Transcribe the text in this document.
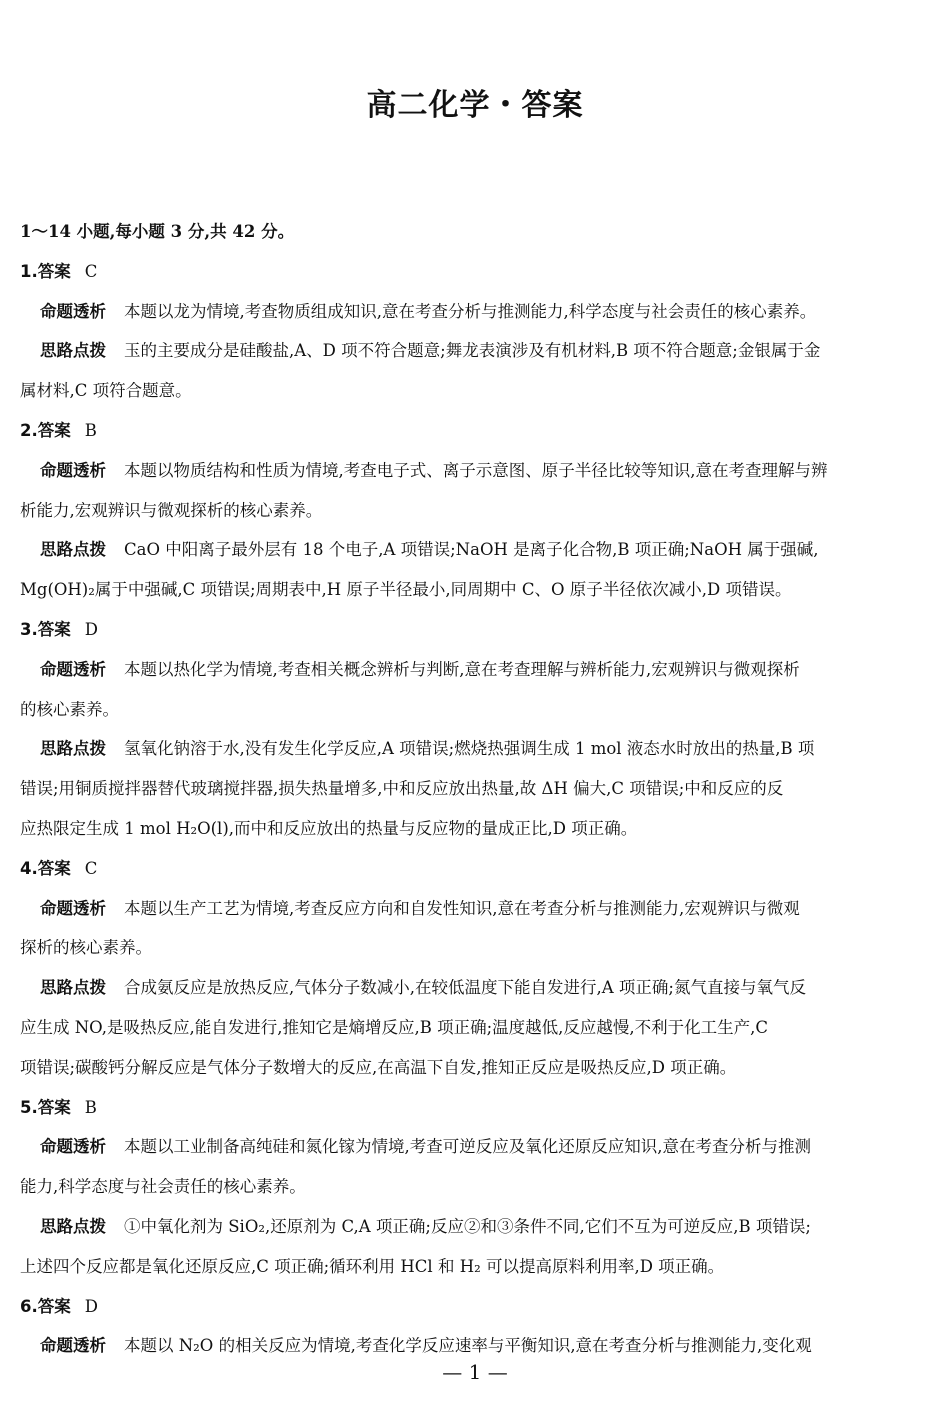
高二化学・答案
1～14 小题,每小题 3 分,共 42 分。
1.答案 C
命题透析 本题以龙为情境,考查物质组成知识,意在考查分析与推测能力,科学态度与社会责任的核心素养。
思路点拨 玉的主要成分是硅酸盐,A、D 项不符合题意;舞龙表演涉及有机材料,B 项不符合题意;金银属于金
属材料,C 项符合题意。
2.答案 B
命题透析 本题以物质结构和性质为情境,考查电子式、离子示意图、原子半径比较等知识,意在考查理解与辨
析能力,宏观辨识与微观探析的核心素养。
思路点拨 CaO 中阳离子最外层有 18 个电子,A 项错误;NaOH 是离子化合物,B 项正确;NaOH 属于强碱,
Mg(OH)₂属于中强碱,C 项错误;周期表中,H 原子半径最小,同周期中 C、O 原子半径依次减小,D 项错误。
3.答案 D
命题透析 本题以热化学为情境,考查相关概念辨析与判断,意在考查理解与辨析能力,宏观辨识与微观探析
的核心素养。
思路点拨 氢氧化钠溶于水,没有发生化学反应,A 项错误;燃烧热强调生成 1 mol 液态水时放出的热量,B 项
错误;用铜质搅拌器替代玻璃搅拌器,损失热量增多,中和反应放出热量,故 ΔH 偏大,C 项错误;中和反应的反
应热限定生成 1 mol H₂O(l),而中和反应放出的热量与反应物的量成正比,D 项正确。
4.答案 C
命题透析 本题以生产工艺为情境,考查反应方向和自发性知识,意在考查分析与推测能力,宏观辨识与微观
探析的核心素养。
思路点拨 合成氨反应是放热反应,气体分子数减小,在较低温度下能自发进行,A 项正确;氮气直接与氧气反
应生成 NO,是吸热反应,能自发进行,推知它是熵增反应,B 项正确;温度越低,反应越慢,不利于化工生产,C
项错误;碳酸钙分解反应是气体分子数增大的反应,在高温下自发,推知正反应是吸热反应,D 项正确。
5.答案 B
命题透析 本题以工业制备高纯硅和氮化镓为情境,考查可逆反应及氧化还原反应知识,意在考查分析与推测
能力,科学态度与社会责任的核心素养。
思路点拨 ①中氧化剂为 SiO₂,还原剂为 C,A 项正确;反应②和③条件不同,它们不互为可逆反应,B 项错误;
上述四个反应都是氧化还原反应,C 项正确;循环利用 HCl 和 H₂ 可以提高原料利用率,D 项正确。
6.答案 D
命题透析 本题以 N₂O 的相关反应为情境,考查化学反应速率与平衡知识,意在考查分析与推测能力,变化观
— 1 —
